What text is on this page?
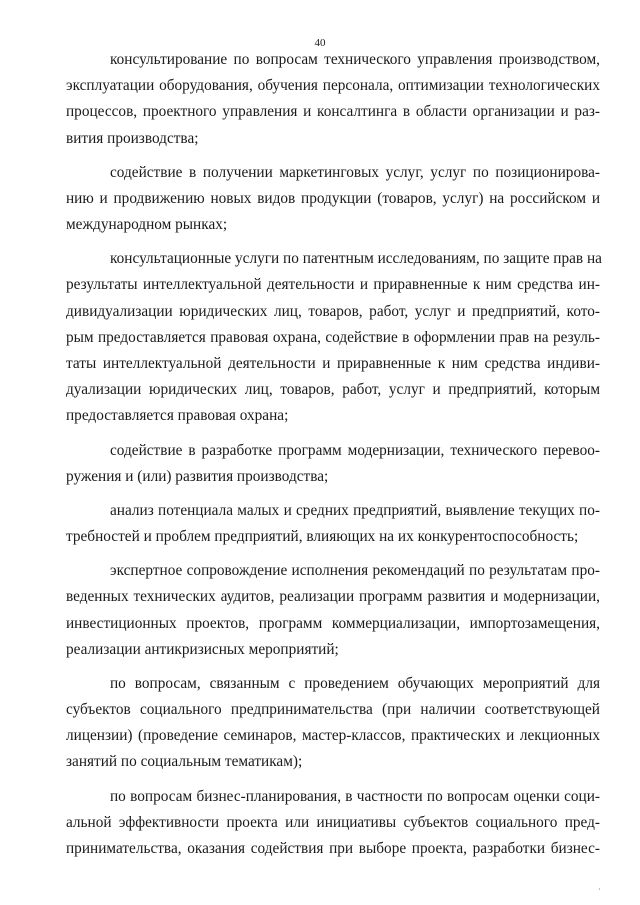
40

консультирование по вопросам технического управления производством,
эксплуатации оборудования, обучения персонала, оптимизации технологических
процессов, проектного управления и консалтинга в области организации и раз-
вития производства;

содействие в получении маркетинговых услуг, услуг по позиционирова-
нию и продвижению новых видов продукции (товаров, услуг) на российском и
международном рынках;

консультационные услуги по патентным исследованиям, по защите прав на
результаты интеллектуальной деятельности и приравненные к ним средства ин-
дивидуализации юридических лиц, товаров, работ, услуг и предприятий, кото-
рым предоставляется правовая охрана, содействие в оформлении прав на резуль-
таты интеллектуальной деятельности и приравненные к ним средства индиви-
дуализации юридических лиц, товаров, работ, услуг и предприятий, которым
предоставляется правовая охрана;

содействие в разработке программ модернизации, технического перевоо-
ружения и (или) развития производства;

анализ потенциала малых и средних предприятий, выявление текущих по-
требностей и проблем предприятий, влияющих на их конкурентоспособность;

экспертное сопровождение исполнения рекомендаций по результатам про-
веденных технических аудитов, реализации программ развития и модернизации,
инвестиционных проектов, программ коммерциализации, импортозамещения,
реализации антикризисных мероприятий;

по вопросам, связанным с проведением обучающих мероприятий для
субъектов социального предпринимательства (при наличии соответствующей
лицензии) (проведение семинаров, мастер-классов, практических и лекционных
занятий по социальным тематикам);

по вопросам бизнес-планирования, в частности по вопросам оценки соци-
альной эффективности проекта или инициативы субъектов социального пред-
принимательства, оказания содействия при выборе проекта, разработки бизнес-

·
